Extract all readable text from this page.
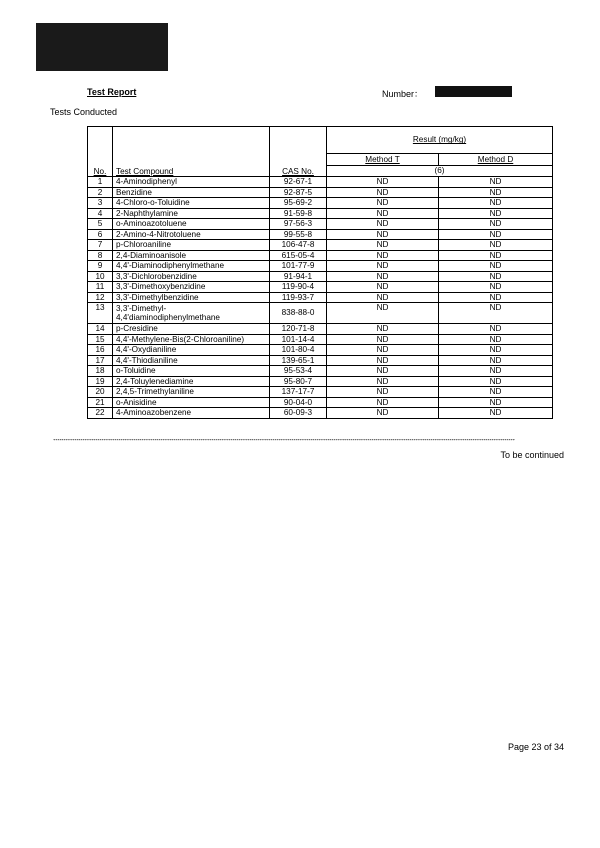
Test Report	Number：
Tests Conducted
No.	Test Compound	CAS No.	Result (mg/kg)	
			Method T	Method D
			(6)	
1	4-Aminodiphenyl	92-67-1	ND	ND
2	Benzidine	92-87-5	ND	ND
3	4-Chloro-o-Toluidine	95-69-2	ND	ND
4	2-Naphthylamine	91-59-8	ND	ND
5	o-Aminoazotoluene	97-56-3	ND	ND
6	2-Amino-4-Nitrotoluene	99-55-8	ND	ND
7	p-Chloroaniline	106-47-8	ND	ND
8	2,4-Diaminoanisole	615-05-4	ND	ND
9	4,4'-Diaminodiphenylmethane	101-77-9	ND	ND
10	3,3'-Dichlorobenzidine	91-94-1	ND	ND
11	3,3'-Dimethoxybenzidine	119-90-4	ND	ND
12	3,3'-Dimethylbenzidine	119-93-7	ND	ND
13	3,3'-Dimethyl-
4,4'diaminodiphenylmethane	838-88-0	ND	ND
14	p-Cresidine	120-71-8	ND	ND
15	4,4'-Methylene-Bis(2-Chloroaniline)	101-14-4	ND	ND
16	4,4'-Oxydianiline	101-80-4	ND	ND
17	4,4'-Thiodianiline	139-65-1	ND	ND
18	o-Toluidine	95-53-4	ND	ND
19	2,4-Toluylenediamine	95-80-7	ND	ND
20	2,4,5-Trimethylaniline	137-17-7	ND	ND
21	o-Anisidine	90-04-0	ND	ND
22	4-Aminoazobenzene	60-09-3	ND	ND
***************************************************************************************************************************************************************************************************************************
To be continued
Page 23 of 34
